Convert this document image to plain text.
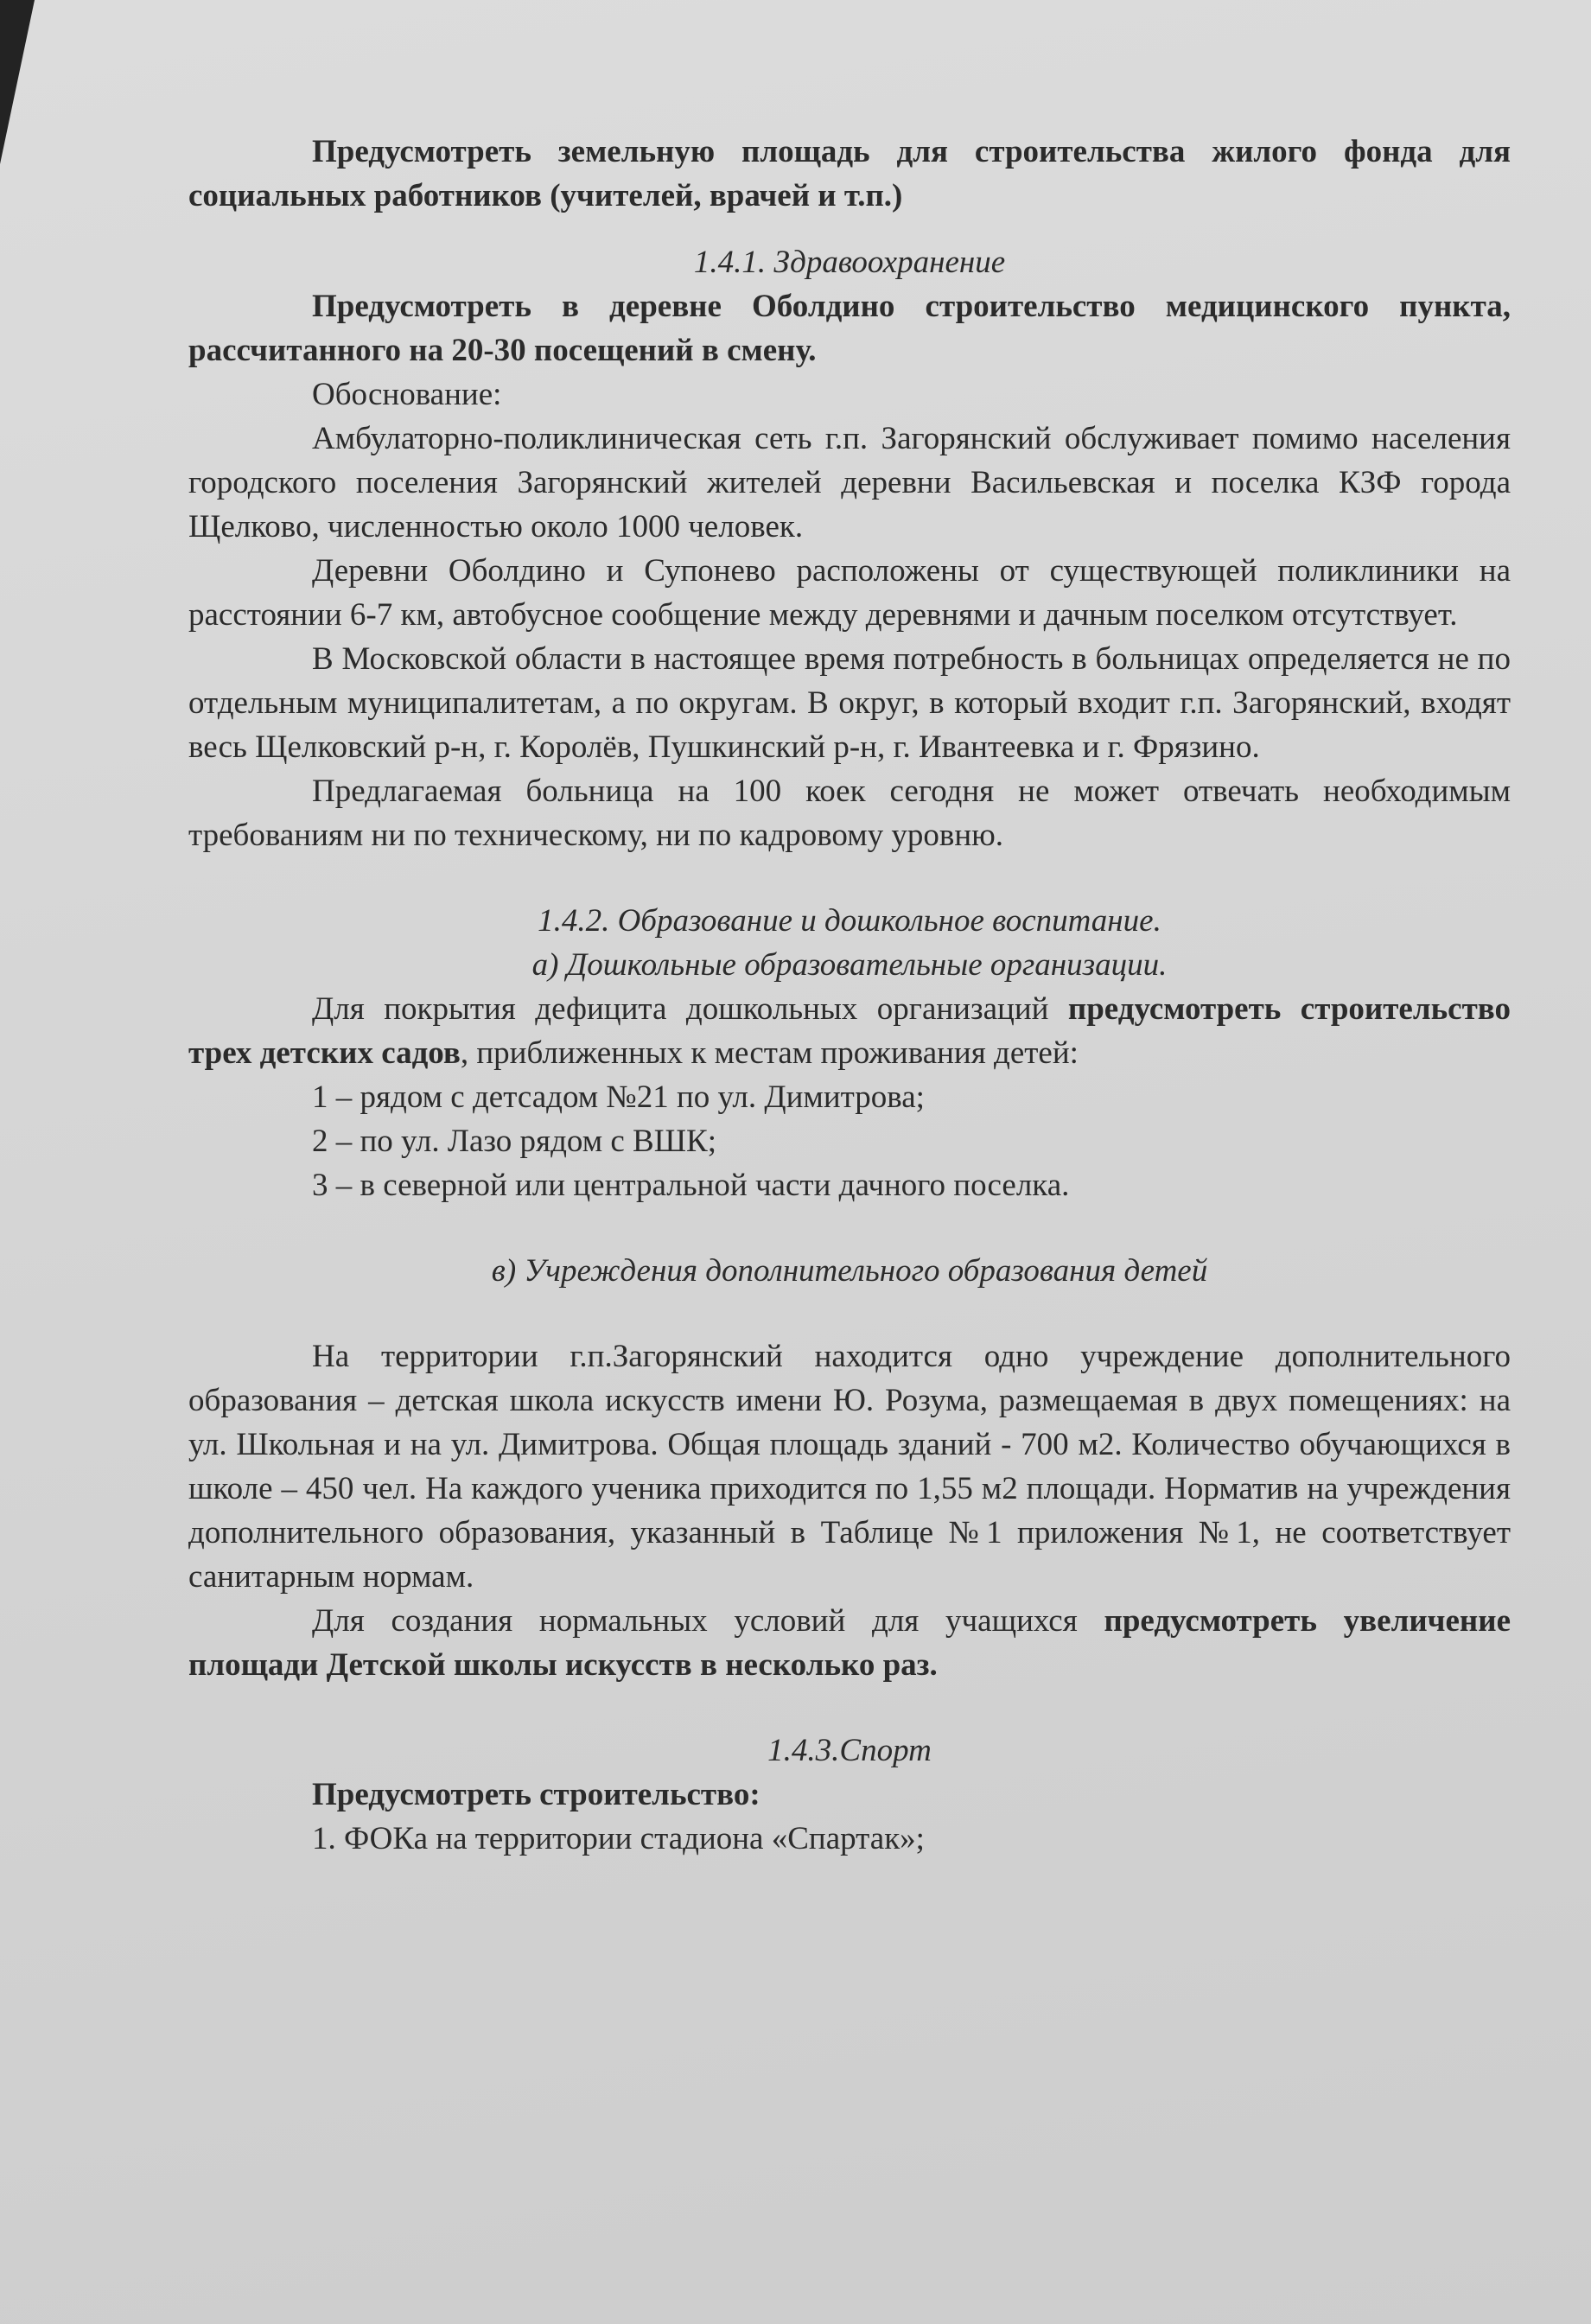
Предусмотреть земельную площадь для строительства жилого фонда для социальных работников (учителей, врачей и т.п.)

1.4.1. Здравоохранение

Предусмотреть в деревне Оболдино строительство медицинского пункта, рассчитанного на 20-30 посещений в смену.

Обоснование:

Амбулаторно-поликлиническая сеть г.п. Загорянский обслуживает помимо населения городского поселения Загорянский жителей деревни Васильевская и поселка КЗФ города Щелково, численностью около 1000 человек.

Деревни Оболдино и Супонево расположены от существующей поликлиники на расстоянии 6-7 км, автобусное сообщение между деревнями и дачным поселком отсутствует.

В Московской области в настоящее время потребность в больницах определяется не по отдельным муниципалитетам, а по округам. В округ, в который входит г.п. Загорянский, входят весь Щелковский р-н, г. Королёв, Пушкинский р-н, г. Ивантеевка и г. Фрязино.

Предлагаемая больница на 100 коек сегодня не может отвечать необходимым требованиям ни по техническому, ни по кадровому уровню.

1.4.2. Образование и дошкольное воспитание.

а) Дошкольные образовательные организации.

Для покрытия дефицита дошкольных организаций предусмотреть строительство трех детских садов, приближенных к местам проживания детей:

1 – рядом с детсадом №21 по ул. Димитрова;

2 – по ул. Лазо рядом с ВШК;

3 – в северной или центральной части дачного поселка.

в) Учреждения дополнительного образования детей

На территории г.п.Загорянский находится одно учреждение дополнительного образования – детская школа искусств имени Ю. Розума, размещаемая в двух помещениях: на ул. Школьная и на ул. Димитрова. Общая площадь зданий - 700 м2. Количество обучающихся в школе – 450 чел. На каждого ученика приходится по 1,55 м2 площади. Норматив на учреждения дополнительного образования, указанный в Таблице №1 приложения №1, не соответствует санитарным нормам.

Для создания нормальных условий для учащихся предусмотреть увеличение площади Детской школы искусств в несколько раз.

1.4.3.Спорт

Предусмотреть строительство:

1. ФОКа на территории стадиона «Спартак»;
